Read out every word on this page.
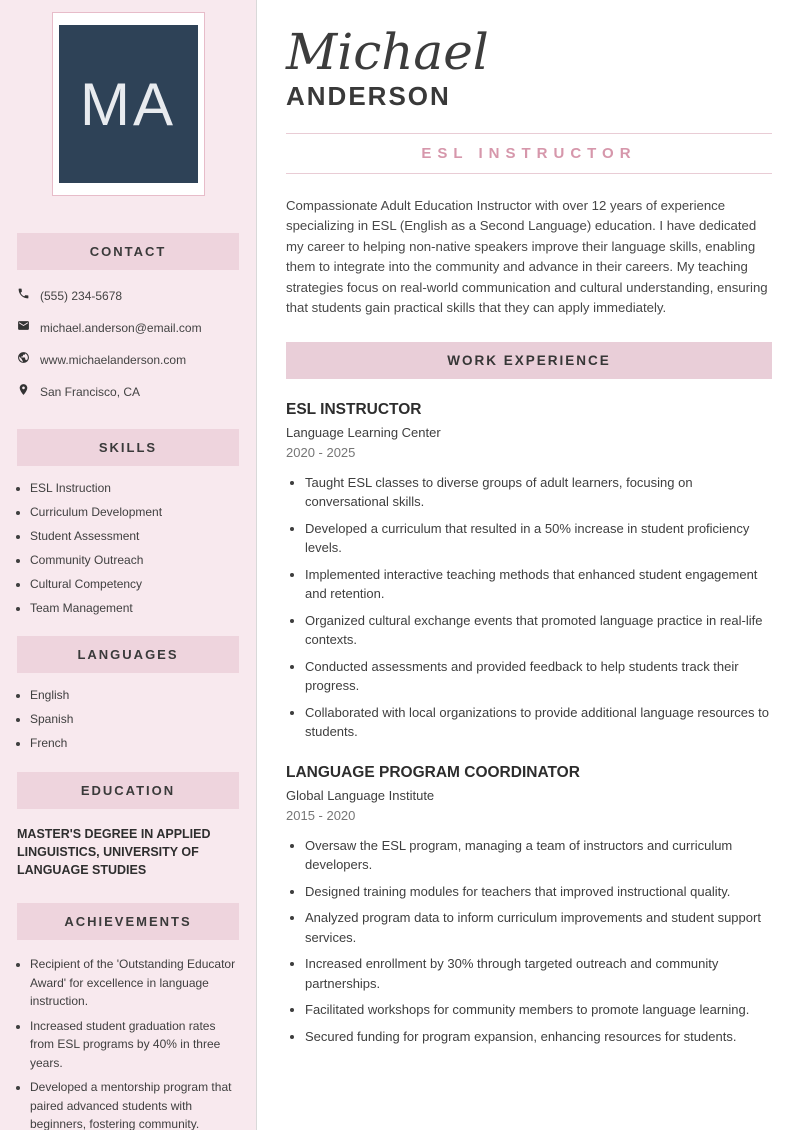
MA
CONTACT
(555) 234-5678
michael.anderson@email.com
www.michaelanderson.com
San Francisco, CA
SKILLS
• ESL Instruction
• Curriculum Development
• Student Assessment
• Community Outreach
• Cultural Competency
• Team Management
LANGUAGES
• English
• Spanish
• French
EDUCATION
MASTER'S DEGREE IN APPLIED LINGUISTICS, UNIVERSITY OF LANGUAGE STUDIES
ACHIEVEMENTS
• Recipient of the 'Outstanding Educator Award' for excellence in language instruction.
• Increased student graduation rates from ESL programs by 40% in three years.
• Developed a mentorship program that paired advanced students with beginners, fostering community.
Michael
ANDERSON
ESL INSTRUCTOR

Compassionate Adult Education Instructor with over 12 years of experience specializing in ESL (English as a Second Language) education. I have dedicated my career to helping non-native speakers improve their language skills, enabling them to integrate into the community and advance in their careers. My teaching strategies focus on real-world communication and cultural understanding, ensuring that students gain practical skills that they can apply immediately.

WORK EXPERIENCE
ESL INSTRUCTOR
Language Learning Center
2020 - 2025
• Taught ESL classes to diverse groups of adult learners, focusing on conversational skills.
• Developed a curriculum that resulted in a 50% increase in student proficiency levels.
• Implemented interactive teaching methods that enhanced student engagement and retention.
• Organized cultural exchange events that promoted language practice in real-life contexts.
• Conducted assessments and provided feedback to help students track their progress.
• Collaborated with local organizations to provide additional language resources to students.
LANGUAGE PROGRAM COORDINATOR
Global Language Institute
2015 - 2020
• Oversaw the ESL program, managing a team of instructors and curriculum developers.
• Designed training modules for teachers that improved instructional quality.
• Analyzed program data to inform curriculum improvements and student support services.
• Increased enrollment by 30% through targeted outreach and community partnerships.
• Facilitated workshops for community members to promote language learning.
• Secured funding for program expansion, enhancing resources for students.
